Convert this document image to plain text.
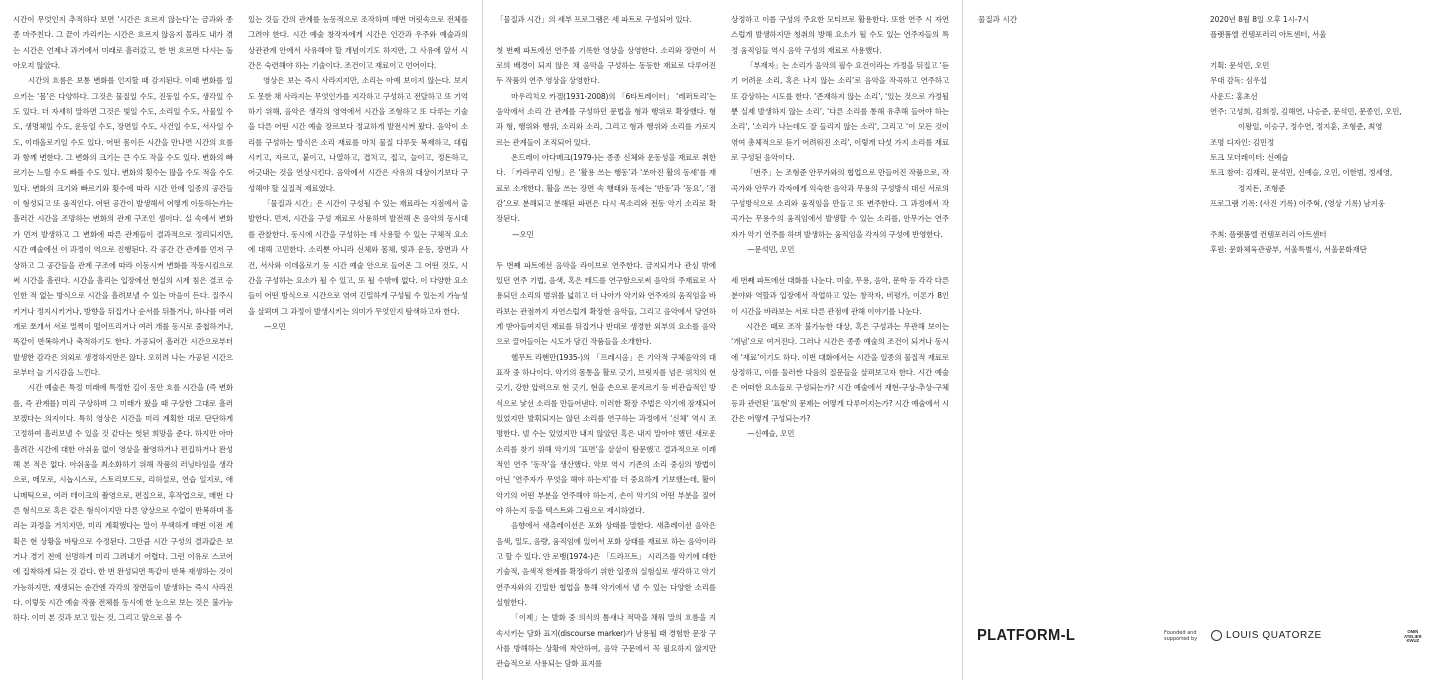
시간이 무엇인지 추적하다 보면 ‘시간은 흐르지 않는다’는 금과와 종종 마주친다. 그 끝이 가리키는 시간은 흐르지 않음지 몰라도 내가 겪는 시간은 언제나 과거에서 미래로 흘러갔고, 한 번 흐르면 다시는 돌아오지 않았다.

시간의 흐름은 보통 변화를 인지할 때 감지된다. 이때 변화를 일으키는 ‘몸’은 다양하다. 그것은 물질일 수도, 진동일 수도, 생각일 수도 있다. 더 자세히 말하면 그것은 빛일 수도, 소리일 수도, 사물일 수도, 생명체일 수도, 운동일 수도, 장면일 수도, 사건일 수도, 서사일 수도, 이데올로기일 수도 있다. 어떤 몸이든 시간을 만나면 시간의 흐름과 함께 변한다. 그 변화의 크기는 큰 수도 작을 수도 있다. 변화의 빠르기는 느릴 수도 빠를 수도 있다. 변화의 횟수는 많을 수도 적을 수도 있다. 변화의 크기와 빠르기와 횟수에 따라 시간 안에 일종의 공간들이 형성되고 또 움직인다. 어떤 공간이 발생해서 어떻게 이동하는가는 흘러간 시간을 조망하는 변화의 관계 구조인 셈이다. 실 속에서 변화가 먼저 발생하고 그 변화에 따른 관계들이 결과적으로 정리되지만, 시간 예술에선 이 과정이 역으로 진행된다. 각 공간 간 관계를 먼저 구상하고 그 공간들을 관계 구조에 따라 이동시켜 변화를 작동시킴으로써 시간을 흘린다. 시간을 흘리는 입장에선 현실의 시계 침은 결코 승인한 적 없는 방식으로 시간을 흘려보낼 수 있는 마음이 든다. 질주시키거나 정지시키거나, 방향을 뒤집거나 순서를 뒤틀거나, 하나를 여러 개로 쪼개서 서로 멀찍이 떨어뜨리거나 여러 개를 동시로 중첩하거나, 똑같이 반복하거나 축적하기도 한다. 가공되어 흘러간 시간으로부터 발생한 감각은 의외로 생경하지만은 않다. 오히려 나는 가공된 시간으로부터 늘 기시감을 느낀다.

시간 예술은 특정 미래에 특정한 길이 동안 흐를 시간을 (즉 변화를, 즉 관계를) 미리 구상하며 그 미래가 왔을 때 구상한 그대로 흘러 보겠다는 의지이다. 특히 영상은 시간을 미리 계획한 대로 단단하게 고정하여 흘러보낼 수 있을 것 같다는 헛된 희망을 준다. 하지만 아마 흘려간 시간에 대한 아쉬움 없이 영상을 촬영하거나 편집하거나 완성해 본 적은 없다. 아쉬움을 최소화하기 위해 작품의 러닝타임을 생각으로, 메모로, 시놉시스로, 스토리보드로, 리허설로, 연습 일지로, 애니메틱으로, 여러 테이크의 촬영으로, 편집으로, 후작업으로, 매번 다른 형식으로 혹은 같은 형식이지만 다른 양상으로 수없이 반복하며 흘리는 과정을 거치지만, 미리 계획했다는 말이 무색하게 매번 이전 계획은 현 상황을 바탕으로 수정된다. 그만큼 시간 구성의 결과값은 보거나 경기 전에 선명하게 미리 그려내기 어렵다. 그런 이유로 스코어에 집착하게 되는 것 같다. 한 번 완성되면 똑같이 반복 재생하는 것이 가능하지만, 재생되는 순간엔 각각의 장면들이 발생하는 즉시 사라진다. 이렇듯 시간 예술 작품 전체를 동시에 한 눈으로 보는 것은 불가능하다. 이미 본 것과 보고 있는 것, 그리고 앞으로 볼 수

있는 것들 간의 관계를 능동적으로 조작하며 매번 머릿속으로 전체를 그려야 한다. 시간 예술 창작자에게 시간은 인간과 우주와 예술과의 상관관계 안에서 사유해야 할 개념이기도 하지만, 그 사유에 앞서 시간은 숙련해야 하는 기술이다. 조건이고 재료이고 언어이다.

영상은 보는 즉시 사라지지만, 소리는 아예 보이지 않는다. 보지도 못한 채 사라지는 무엇인가를 지각하고 구성하고 전달하고 또 기억하기 위해, 음악은 생각의 영역에서 시간을 조형하고 또 다루는 기술을 다른 어떤 시간 예술 장르보다 정교하게 발전시켜 왔다. 음악이 소리를 구성하는 방식은 소리 재료를 마치 물질 다루듯 복제하고, 대립시키고, 자르고, 붙이고, 나열하고, 겹치고, 접고, 늘이고, 정돈하고, 어긋내는 것을 연상시킨다. 음악에서 시간은 사유의 대상이기보다 구성해야 할 실질적 재료였다.

「물질과 시간」은 시간이 구성될 수 있는 재료라는 지점에서 출발한다. 먼저, 시간을 구성 재료로 사용하며 발전해 온 음악의 동시대를 관찰한다. 동시에 시간을 구성하는 데 사용할 수 있는 구체적 요소에 대해 고민한다. 소리뿐 아니라 신체와 몸체, 빛과 운동, 장면과 사건, 서사와 이데올로기 등 시간 예술 안으로 들어온 그 어떤 것도, 시간을 구성하는 요소가 될 수 있고, 또 될 수밖에 없다. 이 다양한 요소들이 어떤 방식으로 시간으로 엮여 긴밀하게 구성될 수 있는지 가능성을 살펴며 그 과정이 발생시키는 의미가 무엇인지 탐색하고자 한다.

—오민

「물질과 시간」의 세부 프로그램은 세 파트로 구성되어 있다.

첫 번째 파트에선 연주를 기록한 영상을 상영한다. 소리와 장면이 서로의 배경이 되지 않은 채 음악을 구성하는 동등한 재료로 다루어진 두 작품의 연주 영상을 상영한다.

마우리치오 카겔(1931-2008)의 「6타트레이터」 ‘레퍼토리’는 음악에서 소리 간 관계를 구성하던 문법을 형과 행위로 확장했다. 형과 형, 행위와 행위, 소리와 소리, 그리고 형과 행위와 소리를 가로지르는 관계들이 조직되어 있다.

온드레이 아다메크(1979-)는 종종 신체와 운동성을 재료로 취한다. 「카라쿠리 인형」은 ‘활용 쓰는 행동’과 ‘쏘아진 활의 동세’를 재료로 소개한다. 활을 쓰는 장면 속 행태와 동세는 ‘반동’과 ‘동요’, ‘점감’으로 분해되고 분해된 파편은 다시 목소리와 전동 악기 소리로 확장된다.

—오민

두 번째 파트에선 음악을 라이브로 연주한다. 금지되거나 관심 밖에 있던 연주 기법, 음색, 혹은 테드를 연구함으로써 음악의 주재료로 사용되던 소리의 범위를 넓히고 더 나아가 악기와 연주자의 움직임을 바라보는 관점까지 자연스럽게 확장한 음악들, 그리고 음악에서 당연하게 받아들여지던 재료를 뒤집거나 반대로 생경한 외부의 요소를 음악으로 끌어들이는 시도가 담긴 작품들을 소개한다.

헬무트 라헨만(1935-)의 「프레시옴」은 기악적 구체음악의 대표작 중 하나이다. 악기의 몸통을 활로 긋기, 브릿지를 넘은 위치의 현 긋기, 강한 압력으로 현 긋기, 현을 손으로 문지르기 등 비관습적인 방식으로 낯선 소리를 만들어낸다. 이러한 확장 주법은 악기에 잠재되어 있었지만 발휘되지는 않던 소리를 연구하는 과정에서 ‘신체’ 역시 조명한다. 넬 수는 있었지만 내지 않았던 혹은 내지 말아야 했던 새로운 소리를 찾기 위해 악기의 ‘표면’을 샅샅이 탐문했고 결과적으로 이례적인 연주 ‘동작’을 생산했다. 악보 역시 기존의 소리 중심의 방법이 아닌 ‘연주자가 무엇을 해야 하는지’를 더 중요하게 기보했는데, 활이 악기의 어떤 부분을 연주해야 하는지, 손이 악기의 어떤 부분을 짚어야 하는지 등을 텍스트와 그림으로 제시하였다.

음향에서 새츄레이션은 포화 상태를 말한다. 새츄레이션 음악은 음색, 밀도, 음량, 움직임에 있어서 포화 상태를 재료로 하는 음악이라고 할 수 있다. 얀 로뱅(1974-)은 「드라프트」 시리즈를 악기에 대한 기술적, 음색적 한계를 확장하기 위한 일종의 실험실로 생각하고 악기 연주자와의 긴밀한 협업을 통해 악기에서 낼 수 있는 다양한 소리를 실험한다.

「이제」는 발화 중 의식의 틈새나 적막을 채워 말의 흐름을 지속시키는 담화 표지(discourse marker)가 남용될 때 경험한 문장 구사를 방해하는 상황에 착안하여, 음악 구문에서 꼭 필요하지 않지만 관습적으로 사용되는 담화 표지를

상정하고 이를 구성의 주요한 모티브로 활용한다. 또한 연주 시 자연스럽게 발생하지만 청취의 방해 요소가 될 수도 있는 연주자들의 특정 움직임들 역시 음악 구성의 재료로 사용했다.

「부재자」는 소리가 음악의 필수 요건이라는 가정을 뒤집고 ‘듣기 어려운 소리, 혹은 나지 않는 소리’로 음악을 작곡하고 연주하고 또 감상하는 시도를 한다. ‘존재하지 않는 소리’, ‘있는 것으로 가정될 뿐 실제 발생하지 않는 소리’, ‘다른 소리를 통해 유추해 들어야 하는 소리’, ‘소리가 나는데도 잘 들리지 않는 소리’, 그리고 ‘이 모든 것이 엮여 총체적으로 듣기 어려워진 소리’, 이렇게 다섯 가지 소리를 재료로 구성된 음악이다.

「번주」는 조형준 안무가와의 협업으로 만들어진 작품으로, 작곡가와 안무가 각자에게 익숙한 음악과 무용의 구성방식 대신 서로의 구성방식으로 소리와 움직임을 만들고 또 변주한다. 그 과정에서 작곡가는 무용수의 움직임에서 발생할 수 있는 소리를, 안무가는 연주자가 악기 연주를 하며 발생하는 움직임을 각자의 구성에 반영한다.

—문석민, 오민

세 번째 파트에선 대화를 나눈다. 미술, 무용, 음악, 문학 등 각각 다른 분야와 역할과 입장에서 작업하고 있는 창작자, 비평가, 이론가 8인이 시간을 바라보는 서로 다른 관점에 관해 이야기를 나눈다.

시간은 때로 조작 불가능한 대상, 혹은 구성과는 무관해 보이는 ‘개념’으로 여겨진다. 그러나 시간은 종종 예술의 조건이 되거나 동시에 ‘재료’이기도 하다. 이번 대화에서는 시간을 일종의 물질적 재료로 상정하고, 이를 둘러싼 다음의 질문들을 살펴보고자 한다. 시간 예술은 어떠한 요소들로 구성되는가? 시간 예술에서 재현-구상-추상-구체 등과 관련된 ‘표현’의 문제는 어떻게 다루어지는가? 시간 예술에서 시간은 어떻게 구성되는가?

—신예슬, 오민

물질과 시간	2020년 8월 8일 오후 1시-7시
플랫폼엘 컨템포러리 아트센터, 서울
기획: 문석민, 오민
무대 감독: 심우섭
사운드: 홍초선
연주: 고성희, 김희정, 김해연, 나승준, 문석민, 문종인, 오민,
이왕일, 이승구, 정수연, 정지훈, 조형준, 최영
조명 디자인: 김민정
토크 모더레이터: 신예슬
토크 참여: 김재리, 문석민, 신예슬, 오민, 이한범, 정세영,
정지돈, 조형준
프로그램 기록: (사진 기록) 이주혁, (영상 기록) 남지웅
주최: 플랫폼엘 컨템포러리 아트센터
후원: 문화체육관광부, 서울특별시, 서울문화재단
PLATFORM-L	Founded and
supported by	LOUIS QUATORZE	OMIN
ATELIER
KWUZ
